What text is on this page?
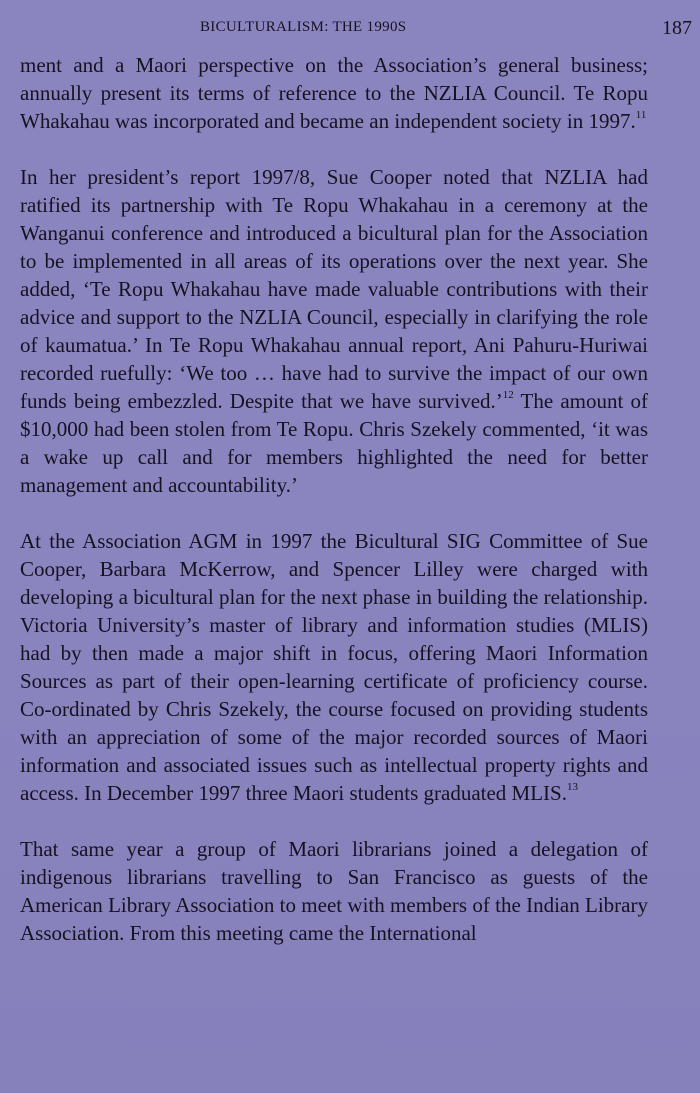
BICULTURALISM: THE 1990S	187

ment and a Maori perspective on the Association’s general business; annually present its terms of reference to the NZLIA Council. Te Ropu Whakahau was incorporated and became an independent society in 1997.11

In her president’s report 1997/8, Sue Cooper noted that NZLIA had ratified its partnership with Te Ropu Whakahau in a ceremony at the Wanganui conference and introduced a bicultural plan for the Association to be implemented in all areas of its operations over the next year. She added, ‘Te Ropu Whakahau have made valuable contributions with their advice and support to the NZLIA Council, especially in clarifying the role of kaumatua.’ In Te Ropu Whakahau annual report, Ani Pahuru-Huriwai recorded ruefully: ‘We too … have had to survive the impact of our own funds being embezzled. Despite that we have survived.’$^{12}$ The amount of $10,000 had been stolen from Te Ropu. Chris Szekely commented, ‘it was a wake up call and for members highlighted the need for better management and accountability.’

At the Association AGM in 1997 the Bicultural SIG Committee of Sue Cooper, Barbara McKerrow, and Spencer Lilley were charged with developing a bicultural plan for the next phase in building the relationship. Victoria University’s master of library and information studies (MLIS) had by then made a major shift in focus, offering Maori Information Sources as part of their open-learning certificate of proficiency course. Co-ordinated by Chris Szekely, the course focused on providing students with an appreciation of some of the major recorded sources of Maori information and associated issues such as intellectual property rights and access. In December 1997 three Maori students graduated MLIS.$^{13}$

That same year a group of Maori librarians joined a delegation of indigenous librarians travelling to San Francisco as guests of the American Library Association to meet with members of the Indian Library Association. From this meeting came the International
